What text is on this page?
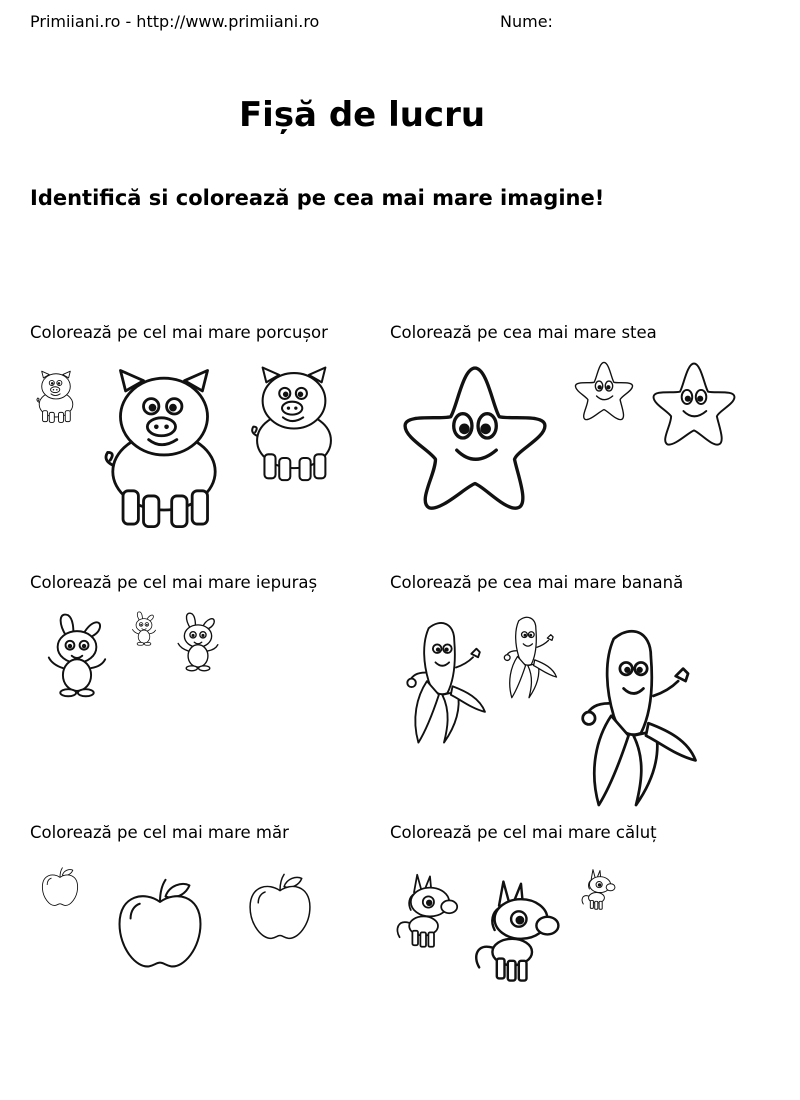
Primiiani.ro - http://www.primiiani.ro	Nume:
Fișă de lucru
Identifică si colorează pe cea mai mare imagine!
Colorează pe cel mai mare porcușor	Colorează pe cea mai mare stea
Colorează pe cel mai mare iepuraș	Colorează pe cea mai mare banană
Colorează pe cel mai mare măr	Colorează pe cel mai mare căluț
